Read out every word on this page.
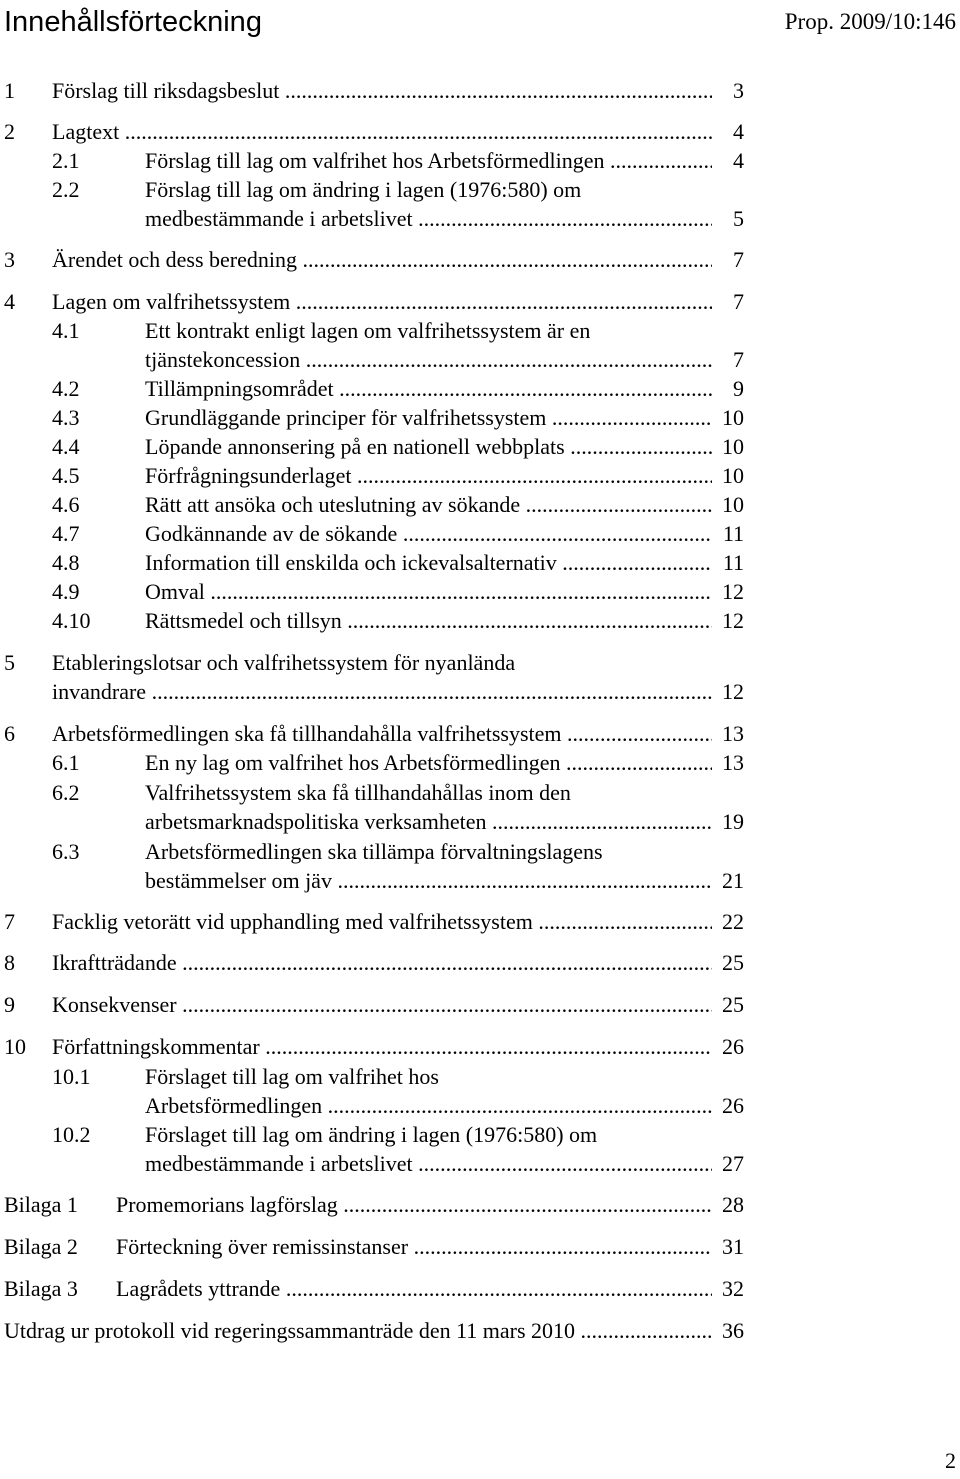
Innehållsförteckning	Prop. 2009/10:146
1 Förslag till riksdagsbeslut .....	3
2 Lagtext .....	4
2.1	Förslag till lag om valfrihet hos Arbetsförmedlingen .....	4
2.2	Förslag till lag om ändring i lagen (1976:580) om
medbestämmande i arbetslivet .....	5
3 Ärendet och dess beredning .....	7
4 Lagen om valfrihetssystem .....	7
4.1	Ett kontrakt enligt lagen om valfrihetssystem är en
tjänstekoncession .....	7
4.2	Tillämpningsområdet .....	9
4.3	Grundläggande principer för valfrihetssystem .....	10
4.4	Löpande annonsering på en nationell webbplats .....	10
4.5	Förfrågningsunderlaget .....	10
4.6	Rätt att ansöka och uteslutning av sökande .....	10
4.7	Godkännande av de sökande .....	11
4.8	Information till enskilda och ickevalsalternativ .....	11
4.9	Omval .....	12
4.10 Rättsmedel och tillsyn .....	12
5 Etableringslotsar och valfrihetssystem för nyanlända
invandrare .....	12
6 Arbetsförmedlingen ska få tillhandahålla valfrihetssystem .....	13
6.1	En ny lag om valfrihet hos Arbetsförmedlingen .....	13
6.2	Valfrihetssystem ska få tillhandahållas inom den
arbetsmarknadspolitiska verksamheten .....	19
6.3	Arbetsförmedlingen ska tillämpa förvaltningslagens
bestämmelser om jäv .....	21
7 Facklig vetorätt vid upphandling med valfrihetssystem .....	22
8 Ikraftträdande .....	25
9 Konsekvenser .....	25
10 Författningskommentar .....	26
10.1 Förslaget till lag om valfrihet hos
Arbetsförmedlingen .....	26
10.2 Förslaget till lag om ändring i lagen (1976:580) om
medbestämmande i arbetslivet .....	27
Bilaga 1 Promemorians lagförslag .....	28
Bilaga 2 Förteckning över remissinstanser .....	31
Bilaga 3 Lagrådets yttrande .....	32
Utdrag ur protokoll vid regeringssammanträde den 11 mars 2010 .....	36
2
